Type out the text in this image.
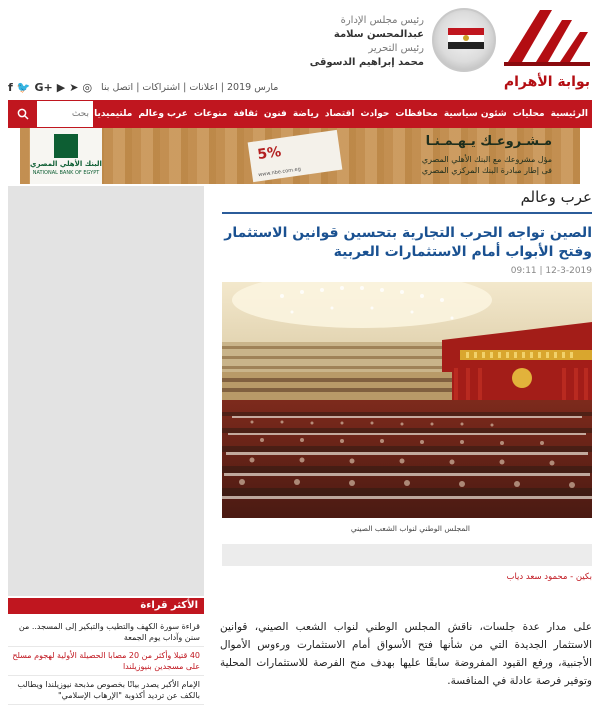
بوابة الأهرام
رئيس مجلس الإدارة
عبدالمحسن سلامة
رئيس التحرير
محمد إبراهيم الدسوقى
f 🐦 G+ ▶ ➤ ◎	مارس 2019
|
اعلانات
|
اشتراكات
|
اتصل بنا
الرئيسية
محليات
شئون سياسية
محافظات
حوادث
اقتصاد
رياضة
فنون
ثقافة
منوعات
عرب وعالم
ملتيميديا
بحث
مـشـروعـك يـهـمـنـا
مؤل مشروعك مع البنك الأهلي المصري
فى إطار مبادرة البنك المركزي المصري
5%
www.nbe.com.eg
البنك الأهلي المصري
NATIONAL BANK OF EGYPT
الأكثر قراءة
قراءة سورة الكهف والتطيب والتبكير إلى المسجد.. من سنن وآداب يوم الجمعة
40 قتيلا وأكثر من 20 مصابا الحصيلة الأولية لهجوم مسلح على مسجدين بنيوزيلندا
الإمام الأكبر يصدر بيانًا بخصوص مذبحة نيوزيلندا ويطالب بالكف عن ترديد أكذوبة "الإرهاب الإسلامي"
عرب وعالم
الصين تواجه الحرب التجارية بتحسين قوانين الاستثمار وفتح الأبواب أمام الاستثمارات العربية
12-3-2019 | 09:11
المجلس الوطني لنواب الشعب الصيني
بكين - محمود سعد دياب
على مدار عدة جلسات، ناقش المجلس الوطني لنواب الشعب الصيني، قوانين الاستثمار الجديدة التي من شأنها فتح الأسواق أمام الاستثمارت ورءوس الأموال الأجنبية، ورفع القيود المفروضة سابقًا عليها بهدف منح الفرصة للاستثمارات المحلية وتوفير فرصة عادلة في المنافسة.
